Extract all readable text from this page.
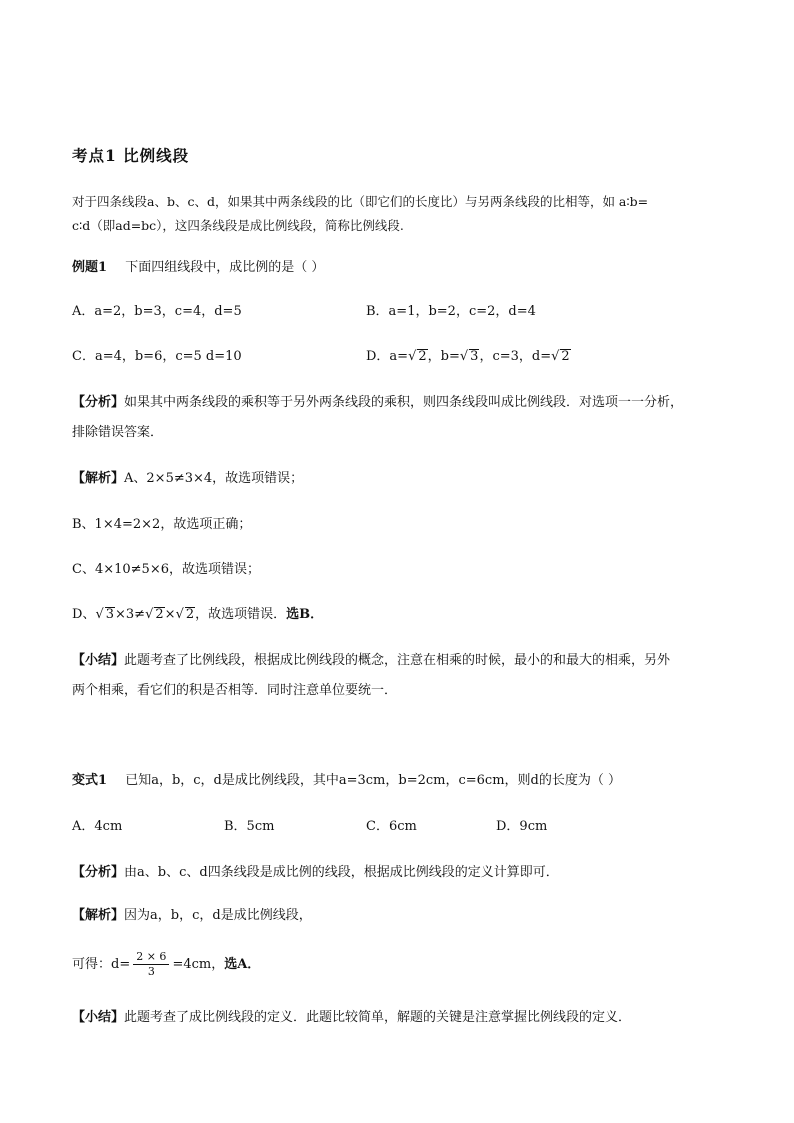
考点1 比例线段
对于四条线段a、b、c、d，如果其中两条线段的比（即它们的长度比）与另两条线段的比相等，如 a∶b=
c∶d（即ad=bc），这四条线段是成比例线段，简称比例线段.
例题1 下面四组线段中，成比例的是（ ）
A．a=2，b=3，c=4，d=5	B．a=1，b=2，c=2，d=4
C．a=4，b=6，c=5 d=10	D．a=√ 2，b=√ 3，c=3，d=√ 2
【分析】如果其中两条线段的乘积等于另外两条线段的乘积，则四条线段叫成比例线段．对选项一一分析，
排除错误答案．
【解析】A、2×5≠3×4，故选项错误；
B、1×4=2×2，故选项正确；
C、4×10≠5×6，故选项错误；
D、√ 3×3≠√ 2×√ 2，故选项错误．选B．
【小结】此题考查了比例线段，根据成比例线段的概念，注意在相乘的时候，最小的和最大的相乘，另外
两个相乘，看它们的积是否相等．同时注意单位要统一．
变式1 已知a，b，c，d是成比例线段，其中a=3cm，b=2cm，c=6cm，则d的长度为（ ）
A．4cm	B．5cm	C．6cm	D．9cm
【分析】由a、b、c、d四条线段是成比例的线段，根据成比例线段的定义计算即可．
【解析】因为a，b，c，d是成比例线段，
可得：$d= \frac{2 \times 6}{3} =4cm$，选A．
【小结】此题考查了成比例线段的定义．此题比较简单，解题的关键是注意掌握比例线段的定义．
